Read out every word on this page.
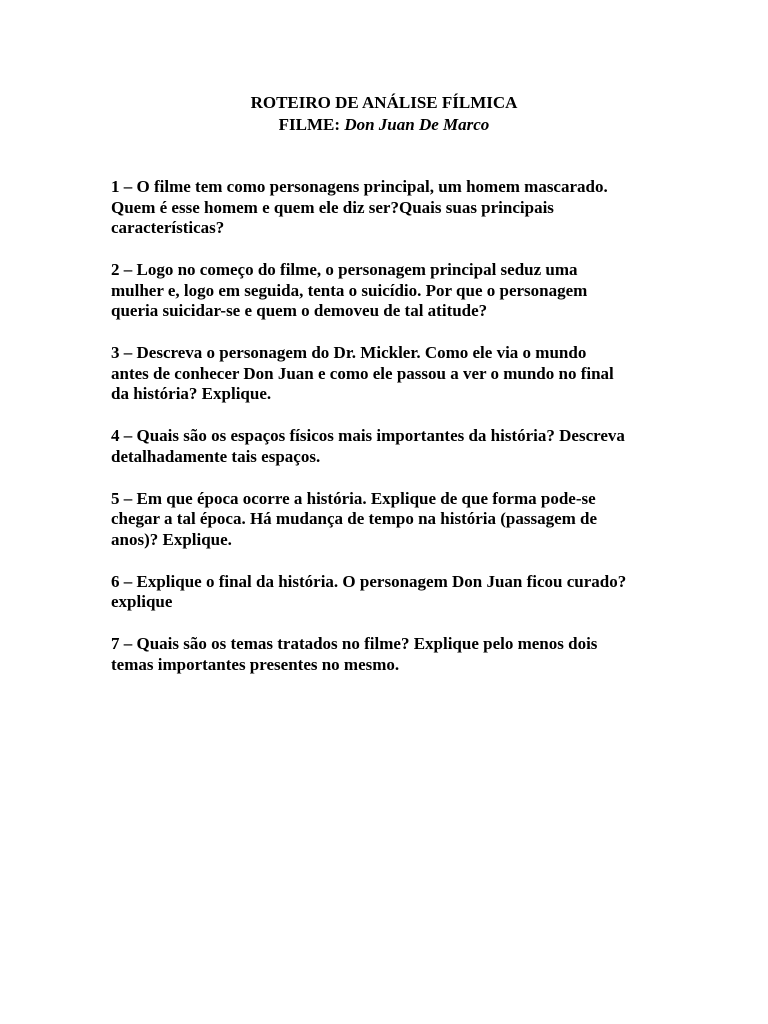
ROTEIRO DE ANÁLISE FÍLMICA
FILME: Don Juan De Marco

1 – O filme tem como personagens principal, um homem mascarado.
Quem é esse homem e quem ele diz ser?Quais suas principais
características?

2 – Logo no começo do filme, o personagem principal seduz uma
mulher e, logo em seguida, tenta o suicídio. Por que o personagem
queria suicidar-se e quem o demoveu de tal atitude?

3 – Descreva o personagem do Dr. Mickler. Como ele via o mundo
antes de conhecer Don Juan e como ele passou a ver o mundo no final
da história? Explique.

4 – Quais são os espaços físicos mais importantes da história? Descreva
detalhadamente tais espaços.

5 – Em que época ocorre a história. Explique de que forma pode-se
chegar a tal época. Há mudança de tempo na história (passagem de
anos)? Explique.

6 – Explique o final da história. O personagem Don Juan ficou curado?
explique

7 – Quais são os temas tratados no filme? Explique pelo menos dois
temas importantes presentes no mesmo.
